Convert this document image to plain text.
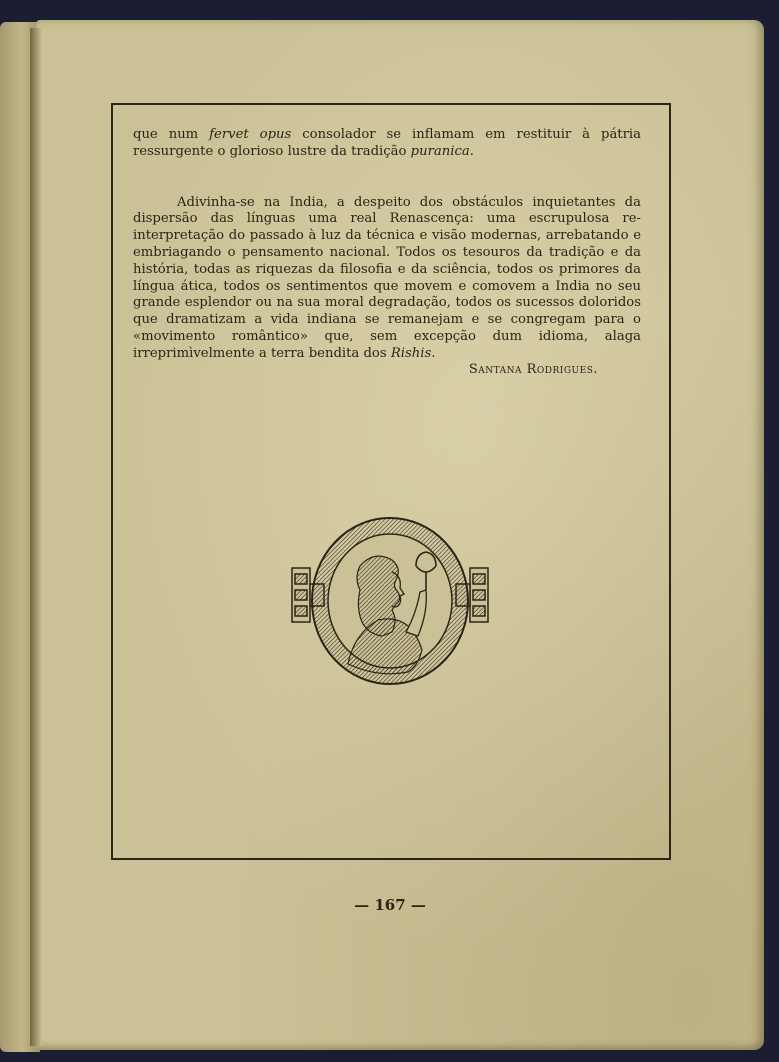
que num fervet opus consolador se inflamam em restituir à pátria ressurgente o glorioso lustre da tradição puranica.

Adivinha-se na India, a despeito dos obstáculos inquietantes da dispersão das línguas uma real Renascença: uma escrupulosa re-interpretação do passado à luz da técnica e visão modernas, arrebatando e embriagando o pensamento nacional. Todos os tesouros da tradição e da história, todas as riquezas da filosofia e da sciência, todos os primores da língua ática, todos os sentimentos que movem e comovem a India no seu grande esplendor ou na sua moral degradação, todos os sucessos doloridos que dramatizam a vida indiana se remanejam e se congregam para o «movimento romântico» que, sem excepção dum idioma, alaga irreprimìvelmente a terra bendita dos Rishis.

Santana Rodrigues.
— 167 —
